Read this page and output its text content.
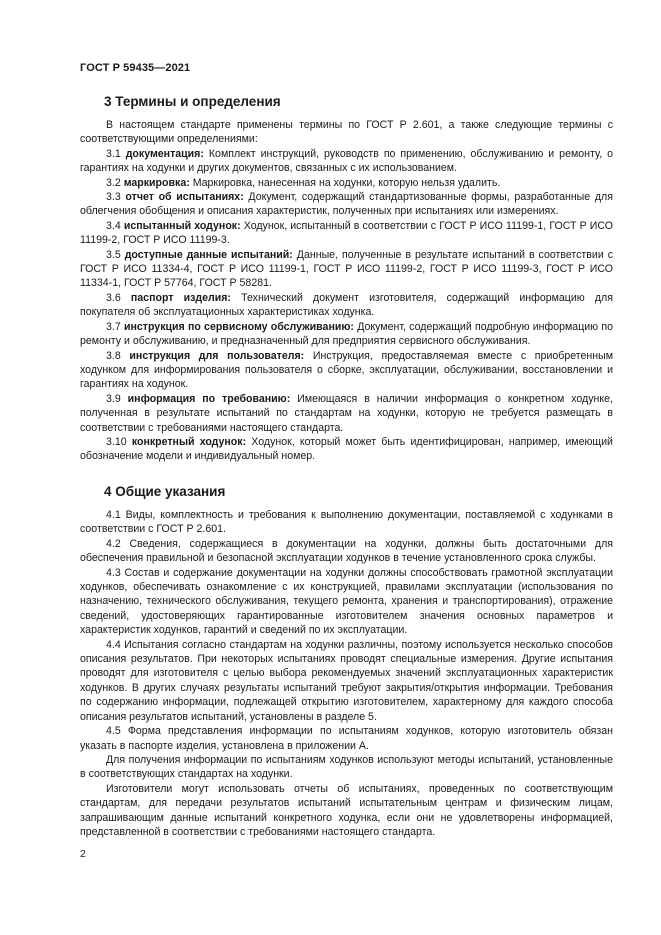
ГОСТ Р 59435—2021
3 Термины и определения

В настоящем стандарте применены термины по ГОСТ Р 2.601, а также следующие термины с соответствующими определениями:

3.1 документация: Комплект инструкций, руководств по применению, обслуживанию и ремонту, о гарантиях на ходунки и других документов, связанных с их использованием.

3.2 маркировка: Маркировка, нанесенная на ходунки, которую нельзя удалить.

3.3 отчет об испытаниях: Документ, содержащий стандартизованные формы, разработанные для облегчения обобщения и описания характеристик, полученных при испытаниях или измерениях.

3.4 испытанный ходунок: Ходунок, испытанный в соответствии с ГОСТ Р ИСО 11199-1, ГОСТ Р ИСО 11199-2, ГОСТ Р ИСО 11199-3.

3.5 доступные данные испытаний: Данные, полученные в результате испытаний в соответствии с ГОСТ Р ИСО 11334-4, ГОСТ Р ИСО 11199-1, ГОСТ Р ИСО 11199-2, ГОСТ Р ИСО 11199-3, ГОСТ Р ИСО 11334-1, ГОСТ Р 57764, ГОСТ Р 58281.

3.6 паспорт изделия: Технический документ изготовителя, содержащий информацию для покупателя об эксплуатационных характеристиках ходунка.

3.7 инструкция по сервисному обслуживанию: Документ, содержащий подробную информацию по ремонту и обслуживанию, и предназначенный для предприятия сервисного обслуживания.

3.8 инструкция для пользователя: Инструкция, предоставляемая вместе с приобретенным ходунком для информирования пользователя о сборке, эксплуатации, обслуживании, восстановлении и гарантиях на ходунок.

3.9 информация по требованию: Имеющаяся в наличии информация о конкретном ходунке, полученная в результате испытаний по стандартам на ходунки, которую не требуется размещать в соответствии с требованиями настоящего стандарта.

3.10 конкретный ходунок: Ходунок, который может быть идентифицирован, например, имеющий обозначение модели и индивидуальный номер.

4 Общие указания

4.1 Виды, комплектность и требования к выполнению документации, поставляемой с ходунками в соответствии с ГОСТ Р 2.601.

4.2 Сведения, содержащиеся в документации на ходунки, должны быть достаточными для обеспечения правильной и безопасной эксплуатации ходунков в течение установленного срока службы.

4.3 Состав и содержание документации на ходунки должны способствовать грамотной эксплуатации ходунков, обеспечивать ознакомление с их конструкцией, правилами эксплуатации (использования по назначению, технического обслуживания, текущего ремонта, хранения и транспортирования), отражение сведений, удостоверяющих гарантированные изготовителем значения основных параметров и характеристик ходунков, гарантий и сведений по их эксплуатации.

4.4 Испытания согласно стандартам на ходунки различны, поэтому используется несколько способов описания результатов. При некоторых испытаниях проводят специальные измерения. Другие испытания проводят для изготовителя с целью выбора рекомендуемых значений эксплуатационных характеристик ходунков. В других случаях результаты испытаний требуют закрытия/открытия информации. Требования по содержанию информации, подлежащей открытию изготовителем, характерному для каждого способа описания результатов испытаний, установлены в разделе 5.

4.5 Форма представления информации по испытаниям ходунков, которую изготовитель обязан указать в паспорте изделия, установлена в приложении А.

Для получения информации по испытаниям ходунков используют методы испытаний, установленные в соответствующих стандартах на ходунки.

Изготовители могут использовать отчеты об испытаниях, проведенных по соответствующим стандартам, для передачи результатов испытаний испытательным центрам и физическим лицам, запрашивающим данные испытаний конкретного ходунка, если они не удовлетворены информацией, представленной в соответствии с требованиями настоящего стандарта.

2
